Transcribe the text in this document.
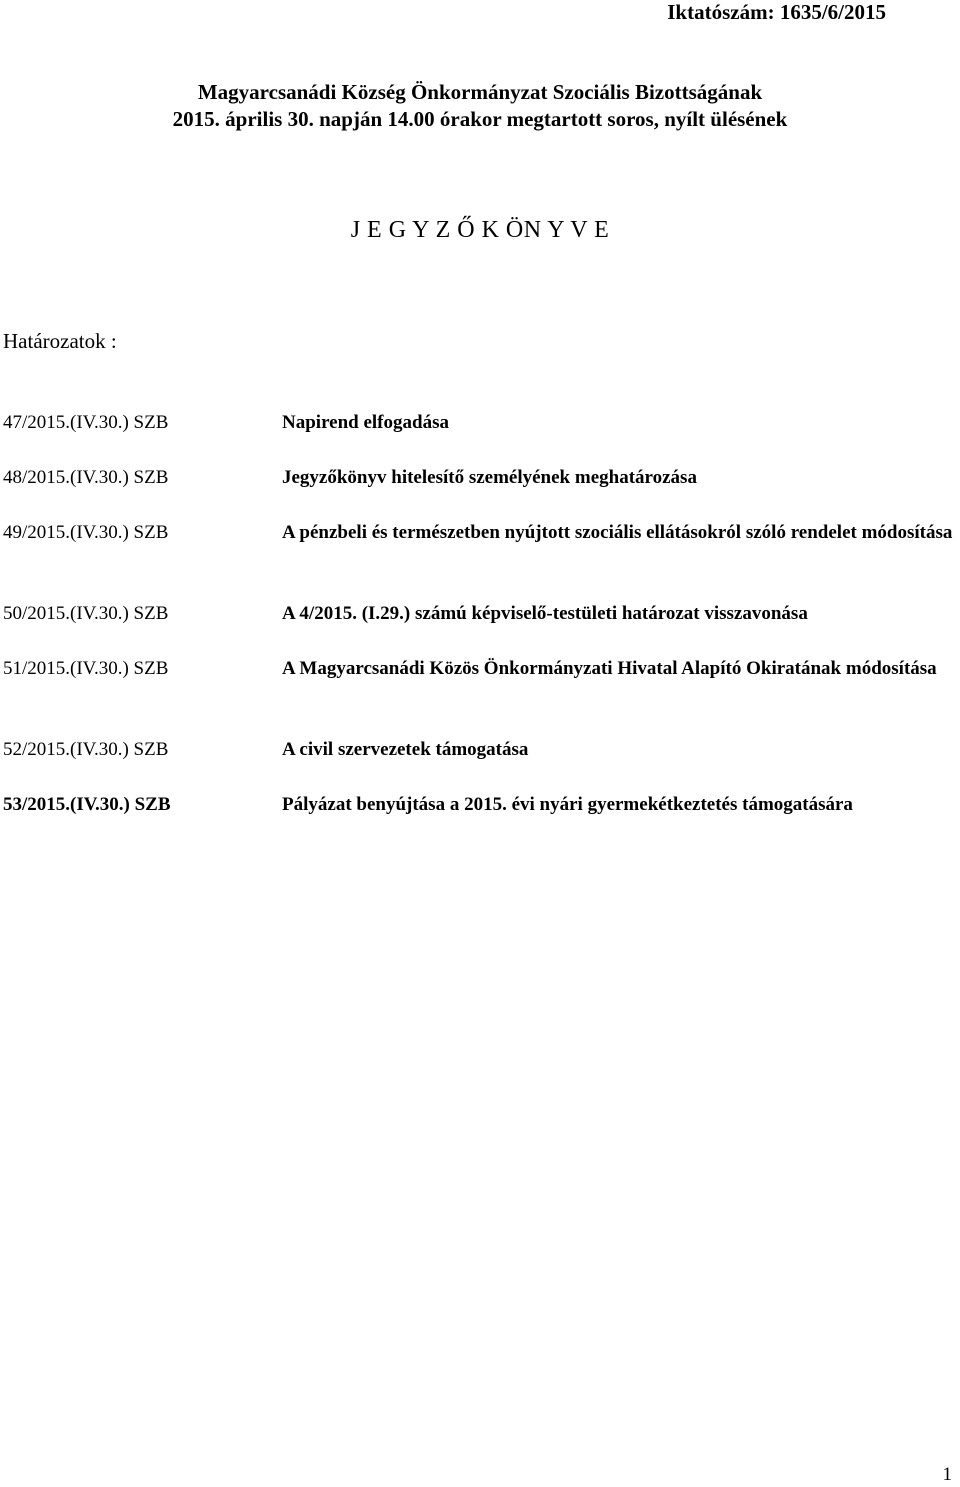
Iktatószám: 1635/6/2015
Magyarcsanádi Község Önkormányzat Szociális Bizottságának
2015. április 30. napján 14.00 órakor megtartott soros, nyílt ülésének
J E G Y Z Ő K ÖN Y V E
Határozatok :
47/2015.(IV.30.) SZB	Napirend elfogadása
48/2015.(IV.30.) SZB	Jegyzőkönyv hitelesítő személyének meghatározása
49/2015.(IV.30.) SZB	A pénzbeli és természetben nyújtott szociális ellátásokról szóló rendelet módosítása
50/2015.(IV.30.) SZB	A 4/2015. (I.29.) számú képviselő-testületi határozat visszavonása
51/2015.(IV.30.) SZB	A Magyarcsanádi Közös Önkormányzati Hivatal Alapító Okiratának módosítása
52/2015.(IV.30.) SZB	A civil szervezetek támogatása
53/2015.(IV.30.) SZB	Pályázat benyújtása a 2015. évi nyári gyermekétkeztetés támogatására
1
